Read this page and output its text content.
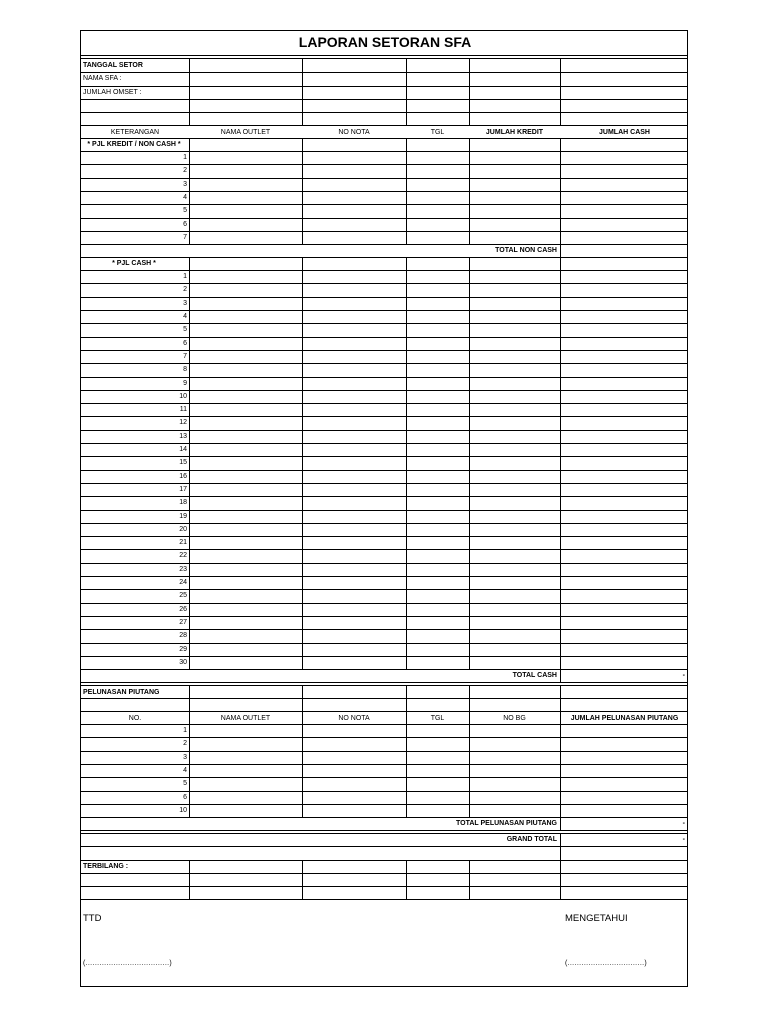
LAPORAN SETORAN SFA
TANGGAL SETOR
NAMA SFA :
JUMLAH OMSET :
KETERANGAN	NAMA OUTLET	NO NOTA	TGL	JUMLAH KREDIT	JUMLAH CASH
* PJL KREDIT / NON CASH *
1
2
3
4
5
6
7
TOTAL NON CASH
* PJL CASH *
1
2
3
4
5
6
7
8
9
10
11
12
13
14
15
16
17
18
19
20
21
22
23
24
25
26
27
28
29
30
TOTAL CASH	-
PELUNASAN PIUTANG
NO.	NAMA OUTLET	NO NOTA	TGL	NO BG	JUMLAH PELUNASAN PIUTANG
1
2
3
4
5
6
10
TOTAL PELUNASAN PIUTANG	-
GRAND TOTAL	-
TERBILANG :
TTD	MENGETAHUI
(………………………………)	(……………………………)
